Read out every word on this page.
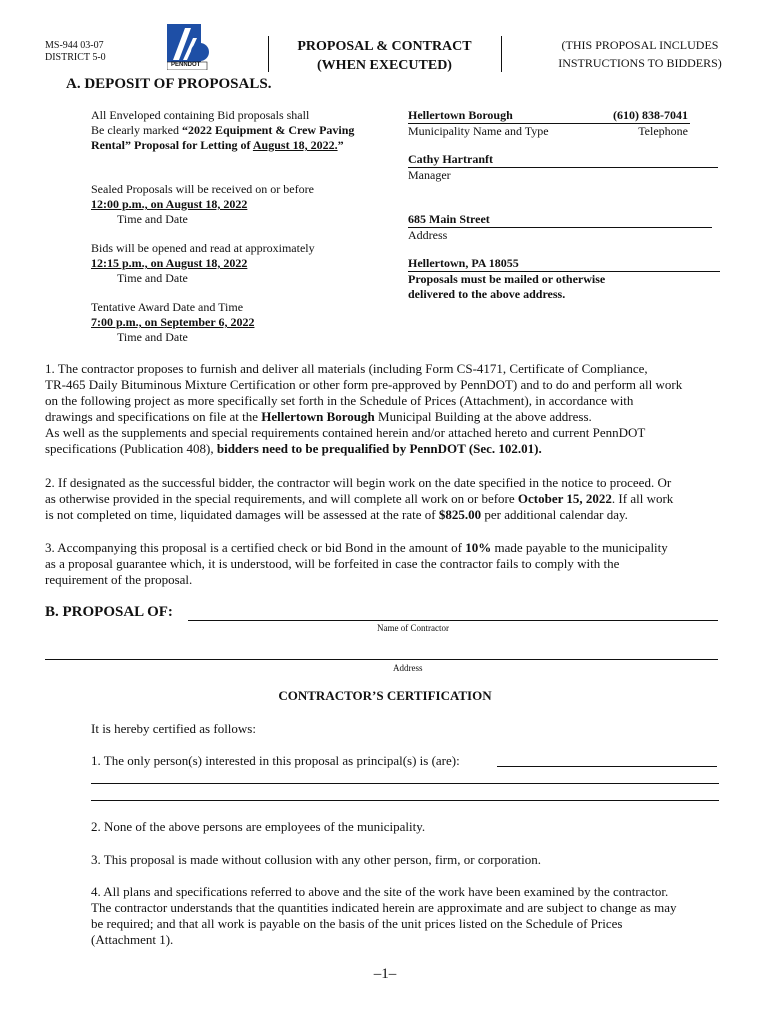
MS-944 03-07
DISTRICT 5-0
PENNDOT
PROPOSAL & CONTRACT
(WHEN EXECUTED)
(THIS PROPOSAL INCLUDES
INSTRUCTIONS TO BIDDERS)
A. DEPOSIT OF PROPOSALS.
All Enveloped containing Bid proposals shall
Be clearly marked “2022 Equipment & Crew Paving
Rental” Proposal for Letting of August 18, 2022.”
Sealed Proposals will be received on or before
12:00 p.m., on August 18, 2022
Time and Date
Bids will be opened and read at approximately
12:15 p.m., on August 18, 2022
Time and Date
Tentative Award Date and Time
7:00 p.m., on September 6, 2022
Time and Date
Hellertown Borough	(610) 838-7041
Municipality Name and Type	Telephone
Cathy Hartranft
Manager
685 Main Street
Address
Hellertown, PA 18055
Proposals must be mailed or otherwise
delivered to the above address.
1. The contractor proposes to furnish and deliver all materials (including Form CS-4171, Certificate of Compliance,
TR-465 Daily Bituminous Mixture Certification or other form pre-approved by PennDOT) and to do and perform all work
on the following project as more specifically set forth in the Schedule of Prices (Attachment), in accordance with
drawings and specifications on file at the Hellertown Borough Municipal Building at the above address.
As well as the supplements and special requirements contained herein and/or attached hereto and current PennDOT
specifications (Publication 408), bidders need to be prequalified by PennDOT (Sec. 102.01).
2. If designated as the successful bidder, the contractor will begin work on the date specified in the notice to proceed. Or
as otherwise provided in the special requirements, and will complete all work on or before October 15, 2022. If all work
is not completed on time, liquidated damages will be assessed at the rate of $825.00 per additional calendar day.
3. Accompanying this proposal is a certified check or bid Bond in the amount of 10% made payable to the municipality
as a proposal guarantee which, it is understood, will be forfeited in case the contractor fails to comply with the
requirement of the proposal.
B. PROPOSAL OF:
Name of Contractor
Address
CONTRACTOR’S CERTIFICATION
It is hereby certified as follows:
1. The only person(s) interested in this proposal as principal(s) is (are):
2. None of the above persons are employees of the municipality.
3. This proposal is made without collusion with any other person, firm, or corporation.
4. All plans and specifications referred to above and the site of the work have been examined by the contractor.
The contractor understands that the quantities indicated herein are approximate and are subject to change as may
be required; and that all work is payable on the basis of the unit prices listed on the Schedule of Prices
(Attachment 1).
–1–
